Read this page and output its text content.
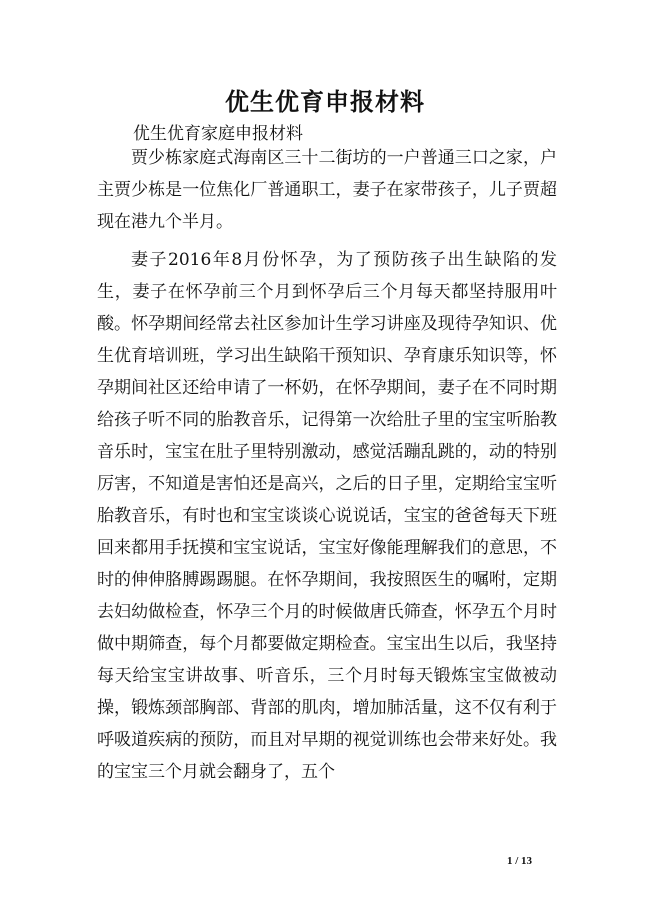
优生优育申报材料
优生优育家庭申报材料

贾少栋家庭式海南区三十二街坊的一户普通三口之家，户主贾少栋是一位焦化厂普通职工，妻子在家带孩子，儿子贾超现在港九个半月。

妻子2016年8月份怀孕，为了预防孩子出生缺陷的发生，妻子在怀孕前三个月到怀孕后三个月每天都坚持服用叶酸。怀孕期间经常去社区参加计生学习讲座及现待孕知识、优生优育培训班，学习出生缺陷干预知识、孕育康乐知识等，怀孕期间社区还给申请了一杯奶，在怀孕期间，妻子在不同时期给孩子听不同的胎教音乐，记得第一次给肚子里的宝宝听胎教音乐时，宝宝在肚子里特别激动，感觉活蹦乱跳的，动的特别厉害，不知道是害怕还是高兴，之后的日子里，定期给宝宝听胎教音乐，有时也和宝宝谈谈心说说话，宝宝的爸爸每天下班回来都用手抚摸和宝宝说话，宝宝好像能理解我们的意思，不时的伸伸胳膊踢踢腿。在怀孕期间，我按照医生的嘱咐，定期去妇幼做检查，怀孕三个月的时候做唐氏筛查，怀孕五个月时做中期筛查，每个月都要做定期检查。宝宝出生以后，我坚持每天给宝宝讲故事、听音乐，三个月时每天锻炼宝宝做被动操，锻炼颈部胸部、背部的肌肉，增加肺活量，这不仅有利于呼吸道疾病的预防，而且对早期的视觉训练也会带来好处。我的宝宝三个月就会翻身了，五个

1 / 13
